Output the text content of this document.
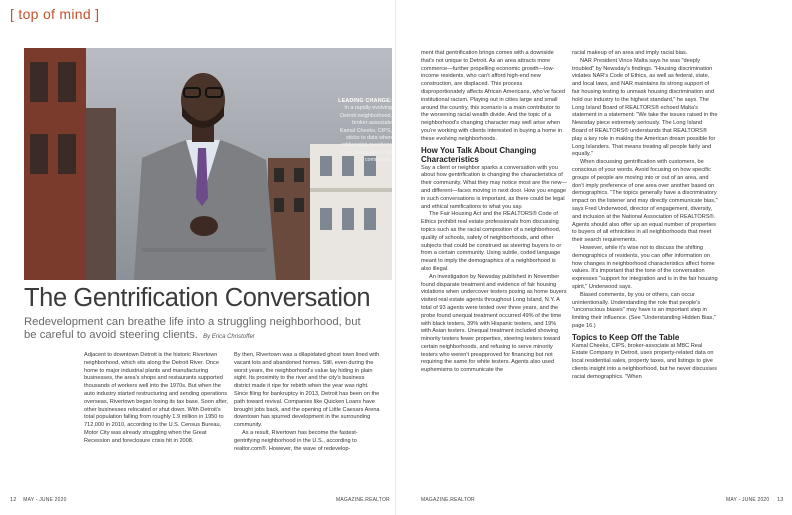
[ top of mind ]
LEADING CHANGE: In a rapidly evolving Detroit neighborhood, broker-associate Kamal Cheeks, CIPS, sticks to data when addressing questions from clients about the community.
The Gentrification Conversation
Redevelopment can breathe life into a struggling neighborhood, but be careful to avoid steering clients. By Erica Christoffer

Adjacent to downtown Detroit is the historic Rivertown neighborhood, which sits along the Detroit River. Once home to major industrial plants and manufacturing businesses, the area's shops and restaurants supported thousands of workers well into the 1970s. But when the auto industry started restructuring and sending operations overseas, Rivertown began losing its tax base. Soon after, other businesses relocated or shut down. With Detroit's total population falling from roughly 1.9 million in 1950 to 712,000 in 2010, according to the U.S. Census Bureau, Motor City was already struggling when the Great Recession and foreclosure crisis hit in 2008.

By then, Rivertown was a dilapidated ghost town lined with vacant lots and abandoned homes. Still, even during the worst years, the neighborhood's value lay hiding in plain sight. Its proximity to the river and the city's business district made it ripe for rebirth when the year was right. Since filing for bankruptcy in 2013, Detroit has been on the path toward revival. Companies like Quicken Loans have brought jobs back, and the opening of Little Caesars Arena downtown has spurred development in the surrounding community.

As a result, Rivertown has become the fastest-gentrifying neighborhood in the U.S., according to realtor.com®. However, the wave of redevelop-

12 MAY - JUNE 2020	MAGAZINE.REALTOR

ment that gentrification brings comes with a downside that's not unique to Detroit. As an area attracts more commerce—further propelling economic growth—low-income residents, who can't afford high-end new construction, are displaced. This process disproportionately affects African Americans, who've faced institutional racism. Playing out in cities large and small around the country, this scenario is a main contributor to the worsening racial wealth divide. And the topic of a neighborhood's changing character may well arise when you're working with clients interested in buying a home in these evolving neighborhoods.

How You Talk About Changing Characteristics

Say a client or neighbor sparks a conversation with you about how gentrification is changing the characteristics of their community. What they may notice most are the new—and different—faces moving in next door. How you engage in such conversations is important, as there could be legal and ethical ramifications to what you say.

The Fair Housing Act and the REALTORS® Code of Ethics prohibit real estate professionals from discussing topics such as the racial composition of a neighborhood, quality of schools, safety of neighborhoods, and other subjects that could be construed as steering buyers to or from a certain community. Using subtle, coded language meant to imply the demographics of a neighborhood is also illegal.

An investigation by Newsday published in November found disparate treatment and evidence of fair housing violations when undercover testers posing as home buyers visited real estate agents throughout Long Island, N.Y. A total of 93 agents were tested over three years, and the probe found unequal treatment occurred 49% of the time with black testers, 39% with Hispanic testers, and 19% with Asian testers. Unequal treatment included showing minority testers fewer properties, steering testers toward certain neighborhoods, and refusing to serve minority testers who weren't preapproved for financing but not requiring the same for white testers. Agents also used euphemisms to communicate the

racial makeup of an area and imply racial bias.

NAR President Vince Malta says he was "deeply troubled" by Newsday's findings. "Housing discrimination violates NAR's Code of Ethics, as well as federal, state, and local laws, and NAR maintains its strong support of fair housing testing to unmask housing discrimination and hold our industry to the highest standard," he says. The Long Island Board of REALTORS® echoed Malta's statement in a statement: "We take the issues raised in the Newsday piece extremely seriously. The Long Island Board of REALTORS® understands that REALTORS® play a key role in making the American dream possible for Long Islanders. That means treating all people fairly and equally."

When discussing gentrification with customers, be conscious of your words. Avoid focusing on how specific groups of people are moving into or out of an area, and don't imply preference of one area over another based on demographics. "The topics generally have a discriminatory impact on the listener and may directly communicate bias," says Fred Underwood, director of engagement, diversity, and inclusion at the National Association of REALTORS®. Agents should also offer up an equal number of properties to buyers of all ethnicities in all neighborhoods that meet their search requirements.

However, while it's wise not to discuss the shifting demographics of residents, you can offer information on how changes in neighborhood characteristics affect home values. It's important that the tone of the conversation expresses "support for integration and is in the fair housing spirit," Underwood says.

Biased comments, by you or others, can occur unintentionally. Understanding the role that people's "unconscious biases" may have is an important step in limiting their influence. (See "Understanding Hidden Bias," page 16.)

Topics to Keep Off the Table

Kamal Cheeks, CIPS, broker-associate at MBC Real Estate Company in Detroit, uses property-related data on local residential sales, property taxes, and listings to give clients insight into a neighborhood, but he never discusses racial demographics. "When

MAGAZINE.REALTOR	MAY - JUNE 2020 13
